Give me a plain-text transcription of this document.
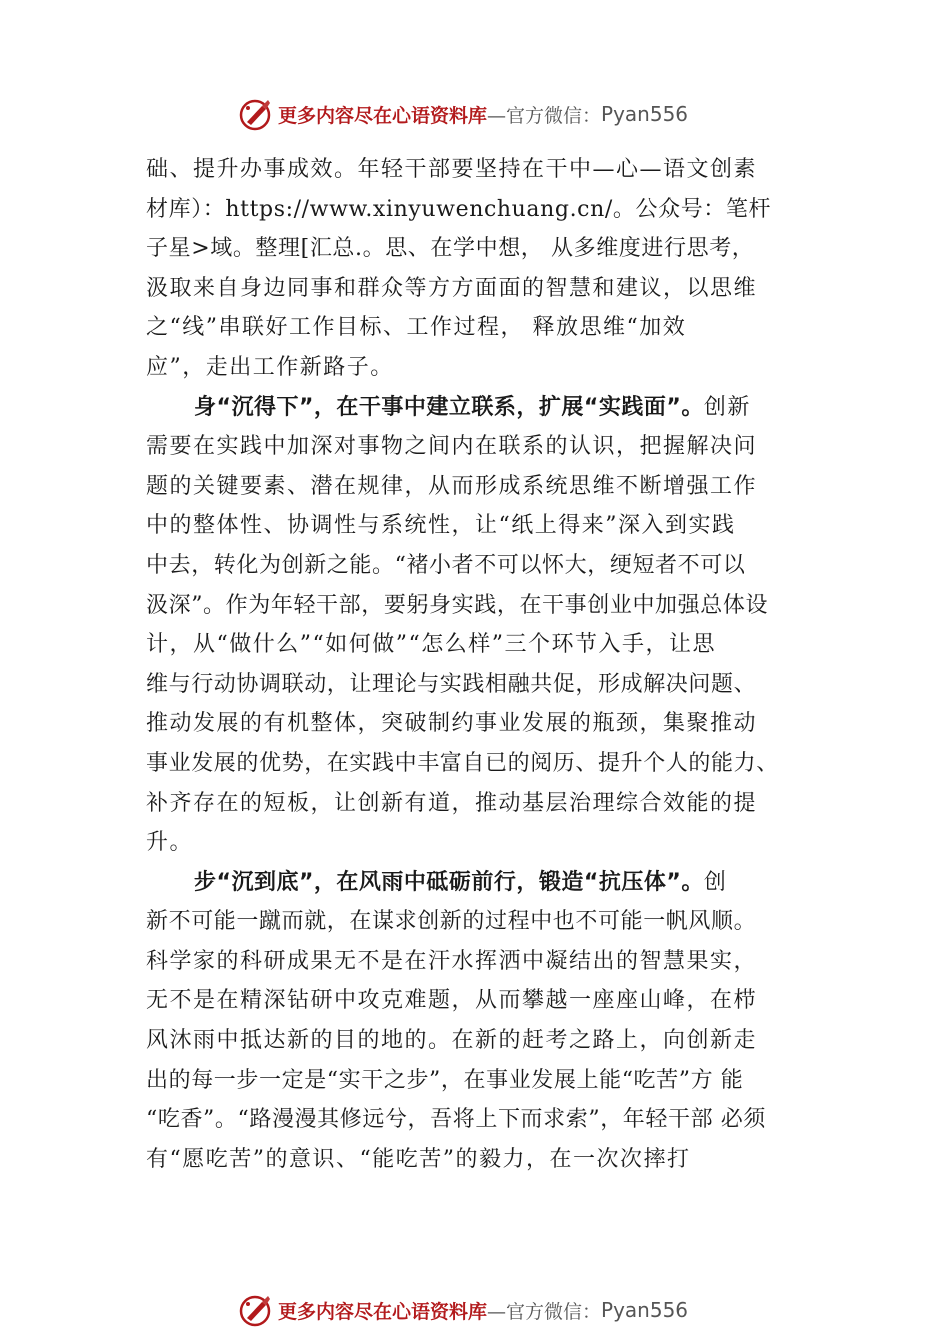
更多内容尽在心语资料库 —官方微信： Pyan556
础、提升办事成效。年轻干部要坚持在干中—心—语文创素
材库）：https://www.xinyuwenchuang.cn/。公众号：笔杆
子星>域。整理[汇总.。思、在学中想， 从多维度进行思考，
汲取来自身边同事和群众等方方面面的智慧和建议，以思维
之“线”串联好工作目标、工作过程， 释放思维“加效
应”，走出工作新路子。
身“沉得下”，在干事中建立联系，扩展“实践面”。创新
需要在实践中加深对事物之间内在联系的认识，把握解决问
题的关键要素、潜在规律，从而形成系统思维不断增强工作
中的整体性、协调性与系统性，让“纸上得来”深入到实践
中去，转化为创新之能。“褚小者不可以怀大，绠短者不可以
汲深”。作为年轻干部，要躬身实践，在干事创业中加强总体设
计，从“做什么”“如何做”“怎么样”三个环节入手，让思
维与行动协调联动，让理论与实践相融共促，形成解决问题、
推动发展的有机整体，突破制约事业发展的瓶颈，集聚推动
事业发展的优势，在实践中丰富自已的阅历、提升个人的能力、
补齐存在的短板，让创新有道，推动基层治理综合效能的提
升。
步“沉到底”，在风雨中砥砺前行，锻造“抗压体”。创
新不可能一蹴而就，在谋求创新的过程中也不可能一帆风顺。
科学家的科研成果无不是在汗水挥洒中凝结出的智慧果实，
无不是在精深钻研中攻克难题，从而攀越一座座山峰，在栉
风沐雨中抵达新的目的地的。在新的赶考之路上，向创新走
出的每一步一定是“实干之步”，在事业发展上能“吃苦”方 能
“吃香”。“路漫漫其修远兮，吾将上下而求索”，年轻干部 必须
有“愿吃苦”的意识、“能吃苦”的毅力，在一次次摔打
更多内容尽在心语资料库 —官方微信： Pyan556
